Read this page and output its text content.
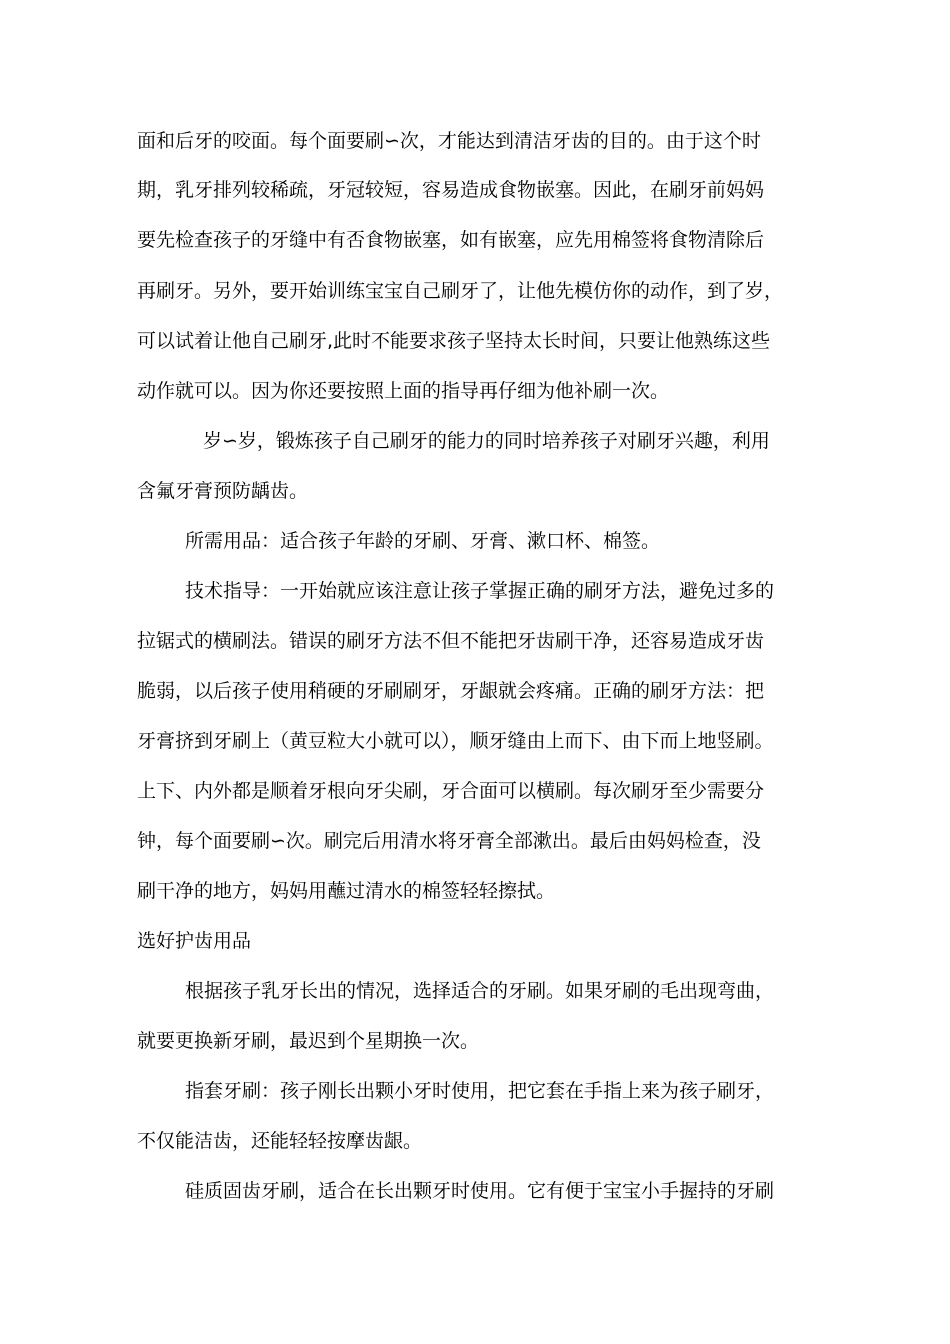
面和后牙的咬面。每个面要刷∽次，才能达到清洁牙齿的目的。由于这个时

期，乳牙排列较稀疏，牙冠较短，容易造成食物嵌塞。因此，在刷牙前妈妈

要先检查孩子的牙缝中有否食物嵌塞，如有嵌塞，应先用棉签将食物清除后

再刷牙。另外，要开始训练宝宝自己刷牙了，让他先模仿你的动作，到了岁，

可以试着让他自己刷牙,此时不能要求孩子坚持太长时间，只要让他熟练这些

动作就可以。因为你还要按照上面的指导再仔细为他补刷一次。

岁∽岁，锻炼孩子自己刷牙的能力的同时培养孩子对刷牙兴趣，利用

含氟牙膏预防龋齿。

所需用品：适合孩子年龄的牙刷、牙膏、漱口杯、棉签。

技术指导：一开始就应该注意让孩子掌握正确的刷牙方法，避免过多的

拉锯式的横刷法。错误的刷牙方法不但不能把牙齿刷干净，还容易造成牙齿

脆弱，以后孩子使用稍硬的牙刷刷牙，牙龈就会疼痛。正确的刷牙方法：把

牙膏挤到牙刷上（黄豆粒大小就可以），顺牙缝由上而下、由下而上地竖刷。

上下、内外都是顺着牙根向牙尖刷，牙合面可以横刷。每次刷牙至少需要分

钟，每个面要刷∽次。刷完后用清水将牙膏全部漱出。最后由妈妈检查，没

刷干净的地方，妈妈用蘸过清水的棉签轻轻擦拭。

选好护齿用品

根据孩子乳牙长出的情况，选择适合的牙刷。如果牙刷的毛出现弯曲，

就要更换新牙刷，最迟到个星期换一次。

指套牙刷：孩子刚长出颗小牙时使用，把它套在手指上来为孩子刷牙，

不仅能洁齿，还能轻轻按摩齿龈。

硅质固齿牙刷，适合在长出颗牙时使用。它有便于宝宝小手握持的牙刷
